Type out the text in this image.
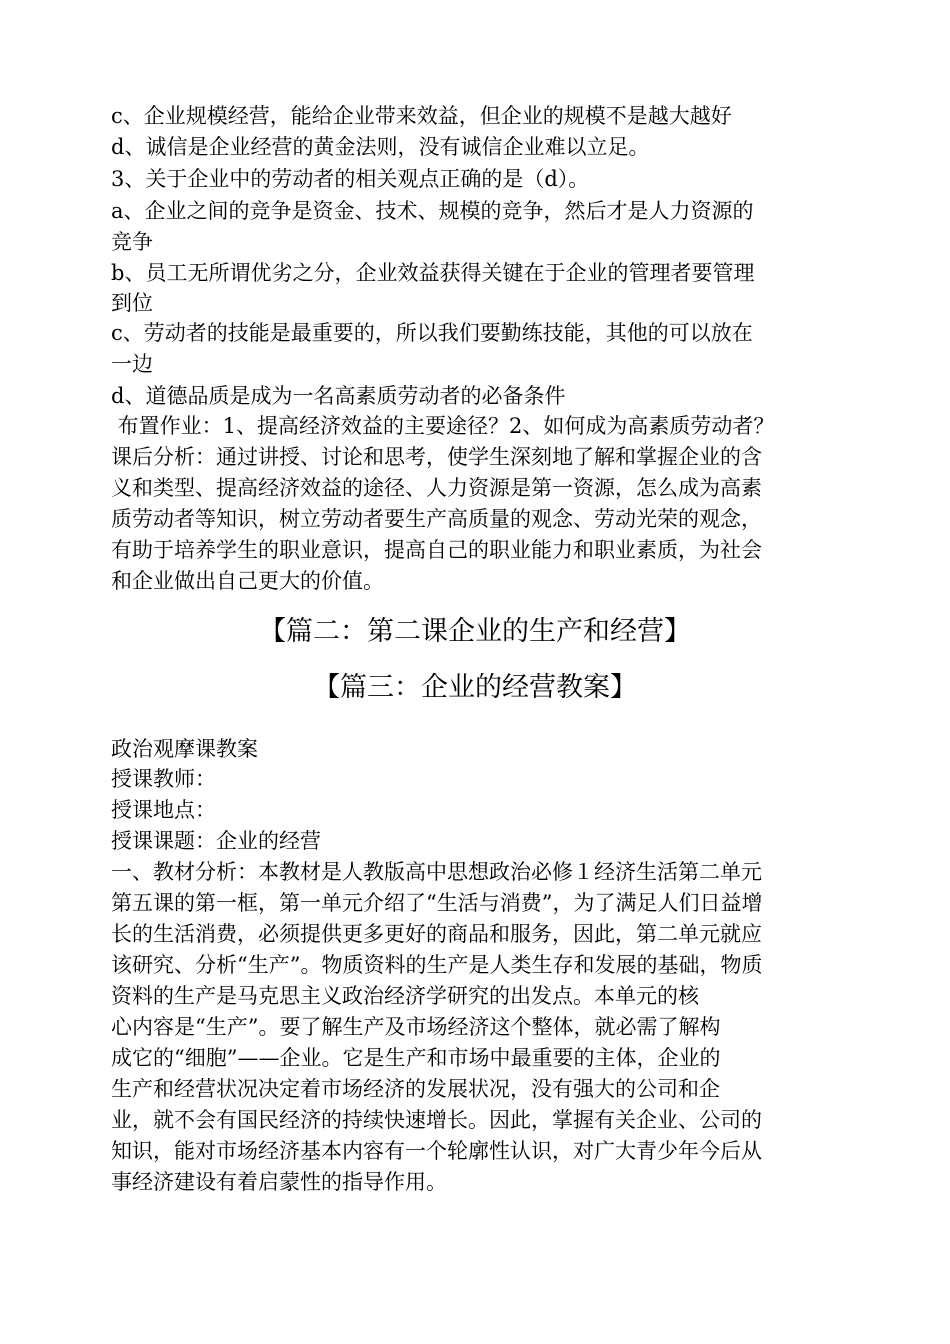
c、企业规模经营，能给企业带来效益，但企业的规模不是越大越好
d、诚信是企业经营的黄金法则，没有诚信企业难以立足。
3、关于企业中的劳动者的相关观点正确的是（d）。
a、企业之间的竞争是资金、技术、规模的竞争，然后才是人力资源的
竞争
b、员工无所谓优劣之分，企业效益获得关键在于企业的管理者要管理
到位
c、劳动者的技能是最重要的，所以我们要勤练技能，其他的可以放在
一边
d、道德品质是成为一名高素质劳动者的必备条件
布置作业：1、提高经济效益的主要途径？2、如何成为高素质劳动者？
课后分析：通过讲授、讨论和思考，使学生深刻地了解和掌握企业的含
义和类型、提高经济效益的途径、人力资源是第一资源，怎么成为高素
质劳动者等知识，树立劳动者要生产高质量的观念、劳动光荣的观念，
有助于培养学生的职业意识，提高自己的职业能力和职业素质，为社会
和企业做出自己更大的价值。
【篇二：第二课企业的生产和经营】
【篇三：企业的经营教案】
政治观摩课教案
授课教师：
授课地点：
授课课题：企业的经营
一、教材分析：本教材是人教版高中思想政治必修１经济生活第二单元
第五课的第一框，第一单元介绍了“生活与消费”，为了满足人们日益增
长的生活消费，必须提供更多更好的商品和服务，因此，第二单元就应
该研究、分析“生产”。物质资料的生产是人类生存和发展的基础，物质
资料的生产是马克思主义政治经济学研究的出发点。本单元的核
心内容是“生产”。要了解生产及市场经济这个整体，就必需了解构
成它的“细胞”——企业。它是生产和市场中最重要的主体，企业的
生产和经营状况决定着市场经济的发展状况，没有强大的公司和企
业，就不会有国民经济的持续快速增长。因此，掌握有关企业、公司的
知识，能对市场经济基本内容有一个轮廓性认识，对广大青少年今后从
事经济建设有着启蒙性的指导作用。
